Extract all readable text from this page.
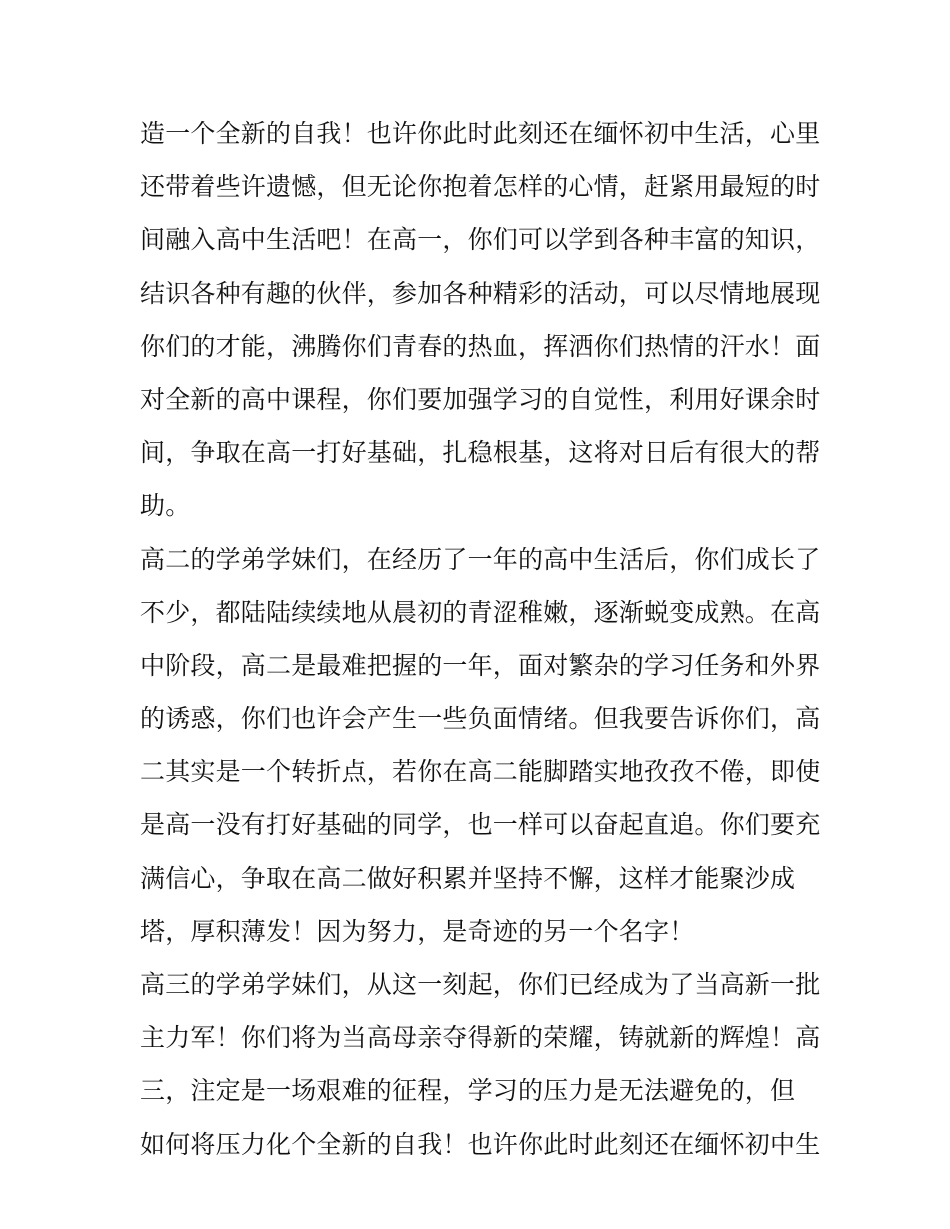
造一个全新的自我！也许你此时此刻还在缅怀初中生活，心里
还带着些许遗憾，但无论你抱着怎样的心情，赶紧用最短的时
间融入高中生活吧！在高一，你们可以学到各种丰富的知识，
结识各种有趣的伙伴，参加各种精彩的活动，可以尽情地展现
你们的才能，沸腾你们青春的热血，挥洒你们热情的汗水！面
对全新的高中课程，你们要加强学习的自觉性，利用好课余时
间，争取在高一打好基础，扎稳根基，这将对日后有很大的帮
助。
高二的学弟学妹们，在经历了一年的高中生活后，你们成长了
不少，都陆陆续续地从晨初的青涩稚嫩，逐渐蜕变成熟。在高
中阶段，高二是最难把握的一年，面对繁杂的学习任务和外界
的诱惑，你们也许会产生一些负面情绪。但我要告诉你们，高
二其实是一个转折点，若你在高二能脚踏实地孜孜不倦，即使
是高一没有打好基础的同学，也一样可以奋起直追。你们要充
满信心，争取在高二做好积累并坚持不懈，这样才能聚沙成
塔，厚积薄发！因为努力，是奇迹的另一个名字！
高三的学弟学妹们，从这一刻起，你们已经成为了当高新一批
主力军！你们将为当高母亲夺得新的荣耀，铸就新的辉煌！高
三，注定是一场艰难的征程，学习的压力是无法避免的，但
如何将压力化个全新的自我！也许你此时此刻还在缅怀初中生
